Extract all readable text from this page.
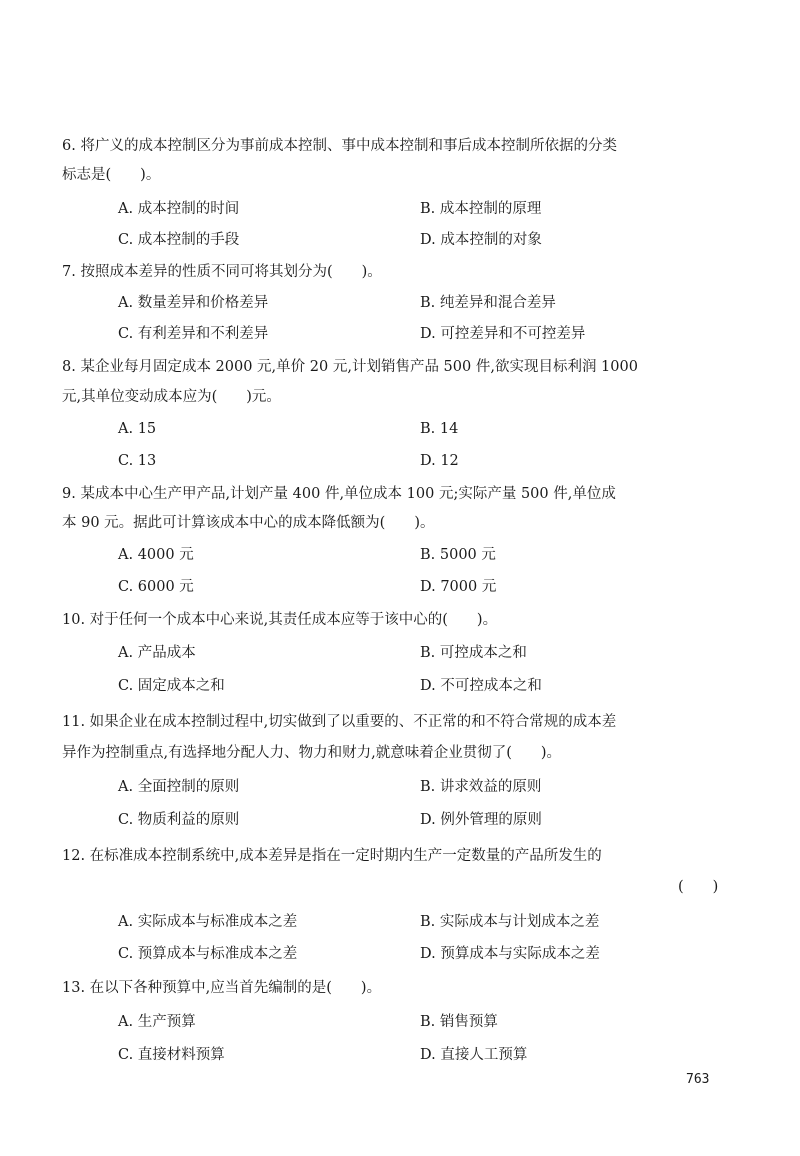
6. 将广义的成本控制区分为事前成本控制、事中成本控制和事后成本控制所依据的分类
标志是(　　)。
A. 成本控制的时间	B. 成本控制的原理
C. 成本控制的手段	D. 成本控制的对象
7. 按照成本差异的性质不同可将其划分为(　　)。
A. 数量差异和价格差异	B. 纯差异和混合差异
C. 有利差异和不利差异	D. 可控差异和不可控差异
8. 某企业每月固定成本 2000 元,单价 20 元,计划销售产品 500 件,欲实现目标利润 1000
元,其单位变动成本应为(　　)元。
A. 15	B. 14
C. 13	D. 12
9. 某成本中心生产甲产品,计划产量 400 件,单位成本 100 元;实际产量 500 件,单位成
本 90 元。据此可计算该成本中心的成本降低额为(　　)。
A. 4000 元	B. 5000 元
C. 6000 元	D. 7000 元
10. 对于任何一个成本中心来说,其责任成本应等于该中心的(　　)。
A. 产品成本	B. 可控成本之和
C. 固定成本之和	D. 不可控成本之和
11. 如果企业在成本控制过程中,切实做到了以重要的、不正常的和不符合常规的成本差
异作为控制重点,有选择地分配人力、物力和财力,就意味着企业贯彻了(　　)。
A. 全面控制的原则	B. 讲求效益的原则
C. 物质利益的原则	D. 例外管理的原则
12. 在标准成本控制系统中,成本差异是指在一定时期内生产一定数量的产品所发生的
(　　)
A. 实际成本与标准成本之差	B. 实际成本与计划成本之差
C. 预算成本与标准成本之差	D. 预算成本与实际成本之差
13. 在以下各种预算中,应当首先编制的是(　　)。
A. 生产预算	B. 销售预算
C. 直接材料预算	D. 直接人工预算
763
